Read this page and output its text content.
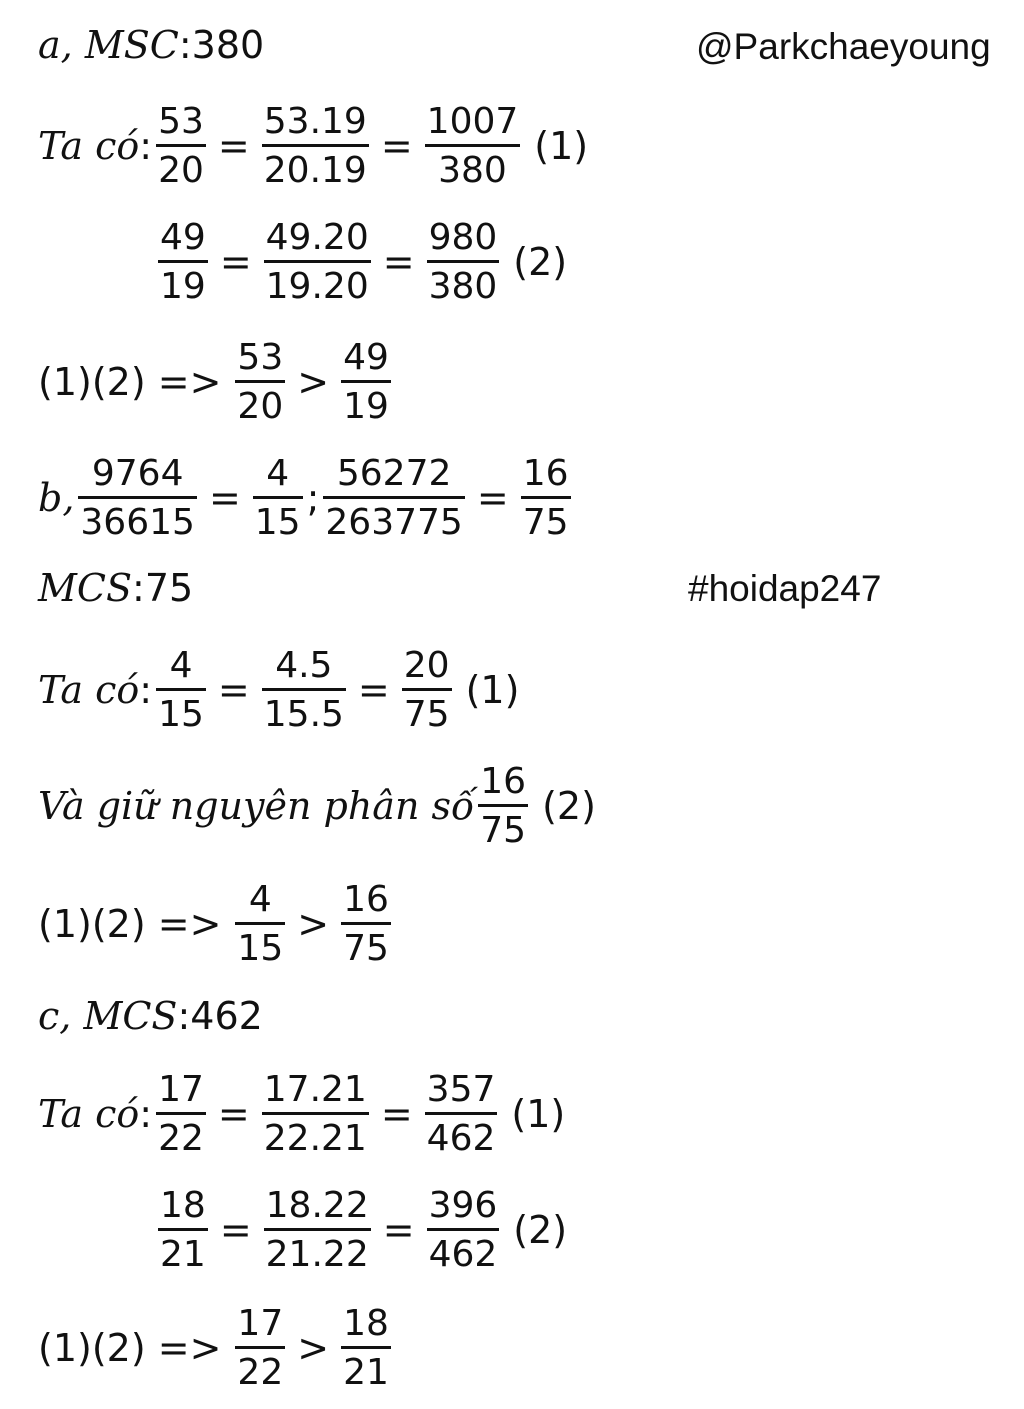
@Parkchaeyoung
#hoidap247
a, MSC : 380
Ta có : $\frac{53}{20} = \frac{53.19}{20.19} = \frac{1007}{380} (1)$
$\frac{49}{19} = \frac{49.20}{19.20} = \frac{980}{380} (2)$
$(1)(2) => \frac{53}{20} > \frac{49}{19}$
b, $\frac{9764}{36615} = \frac{4}{15}$ ; $\frac{56272}{263775} = \frac{16}{75}$
MCS : 75
Ta có : $\frac{4}{15} = \frac{4.5}{15.5} = \frac{20}{75} (1)$
Và giữ nguyên phân số $\frac{16}{75} (2)$
$(1)(2) => \frac{4}{15} > \frac{16}{75}$
c, MCS : 462
Ta có : $\frac{17}{22} = \frac{17.21}{22.21} = \frac{357}{462} (1)$
$\frac{18}{21} = \frac{18.22}{21.22} = \frac{396}{462} (2)$
$(1)(2) => \frac{17}{22} > \frac{18}{21}$
